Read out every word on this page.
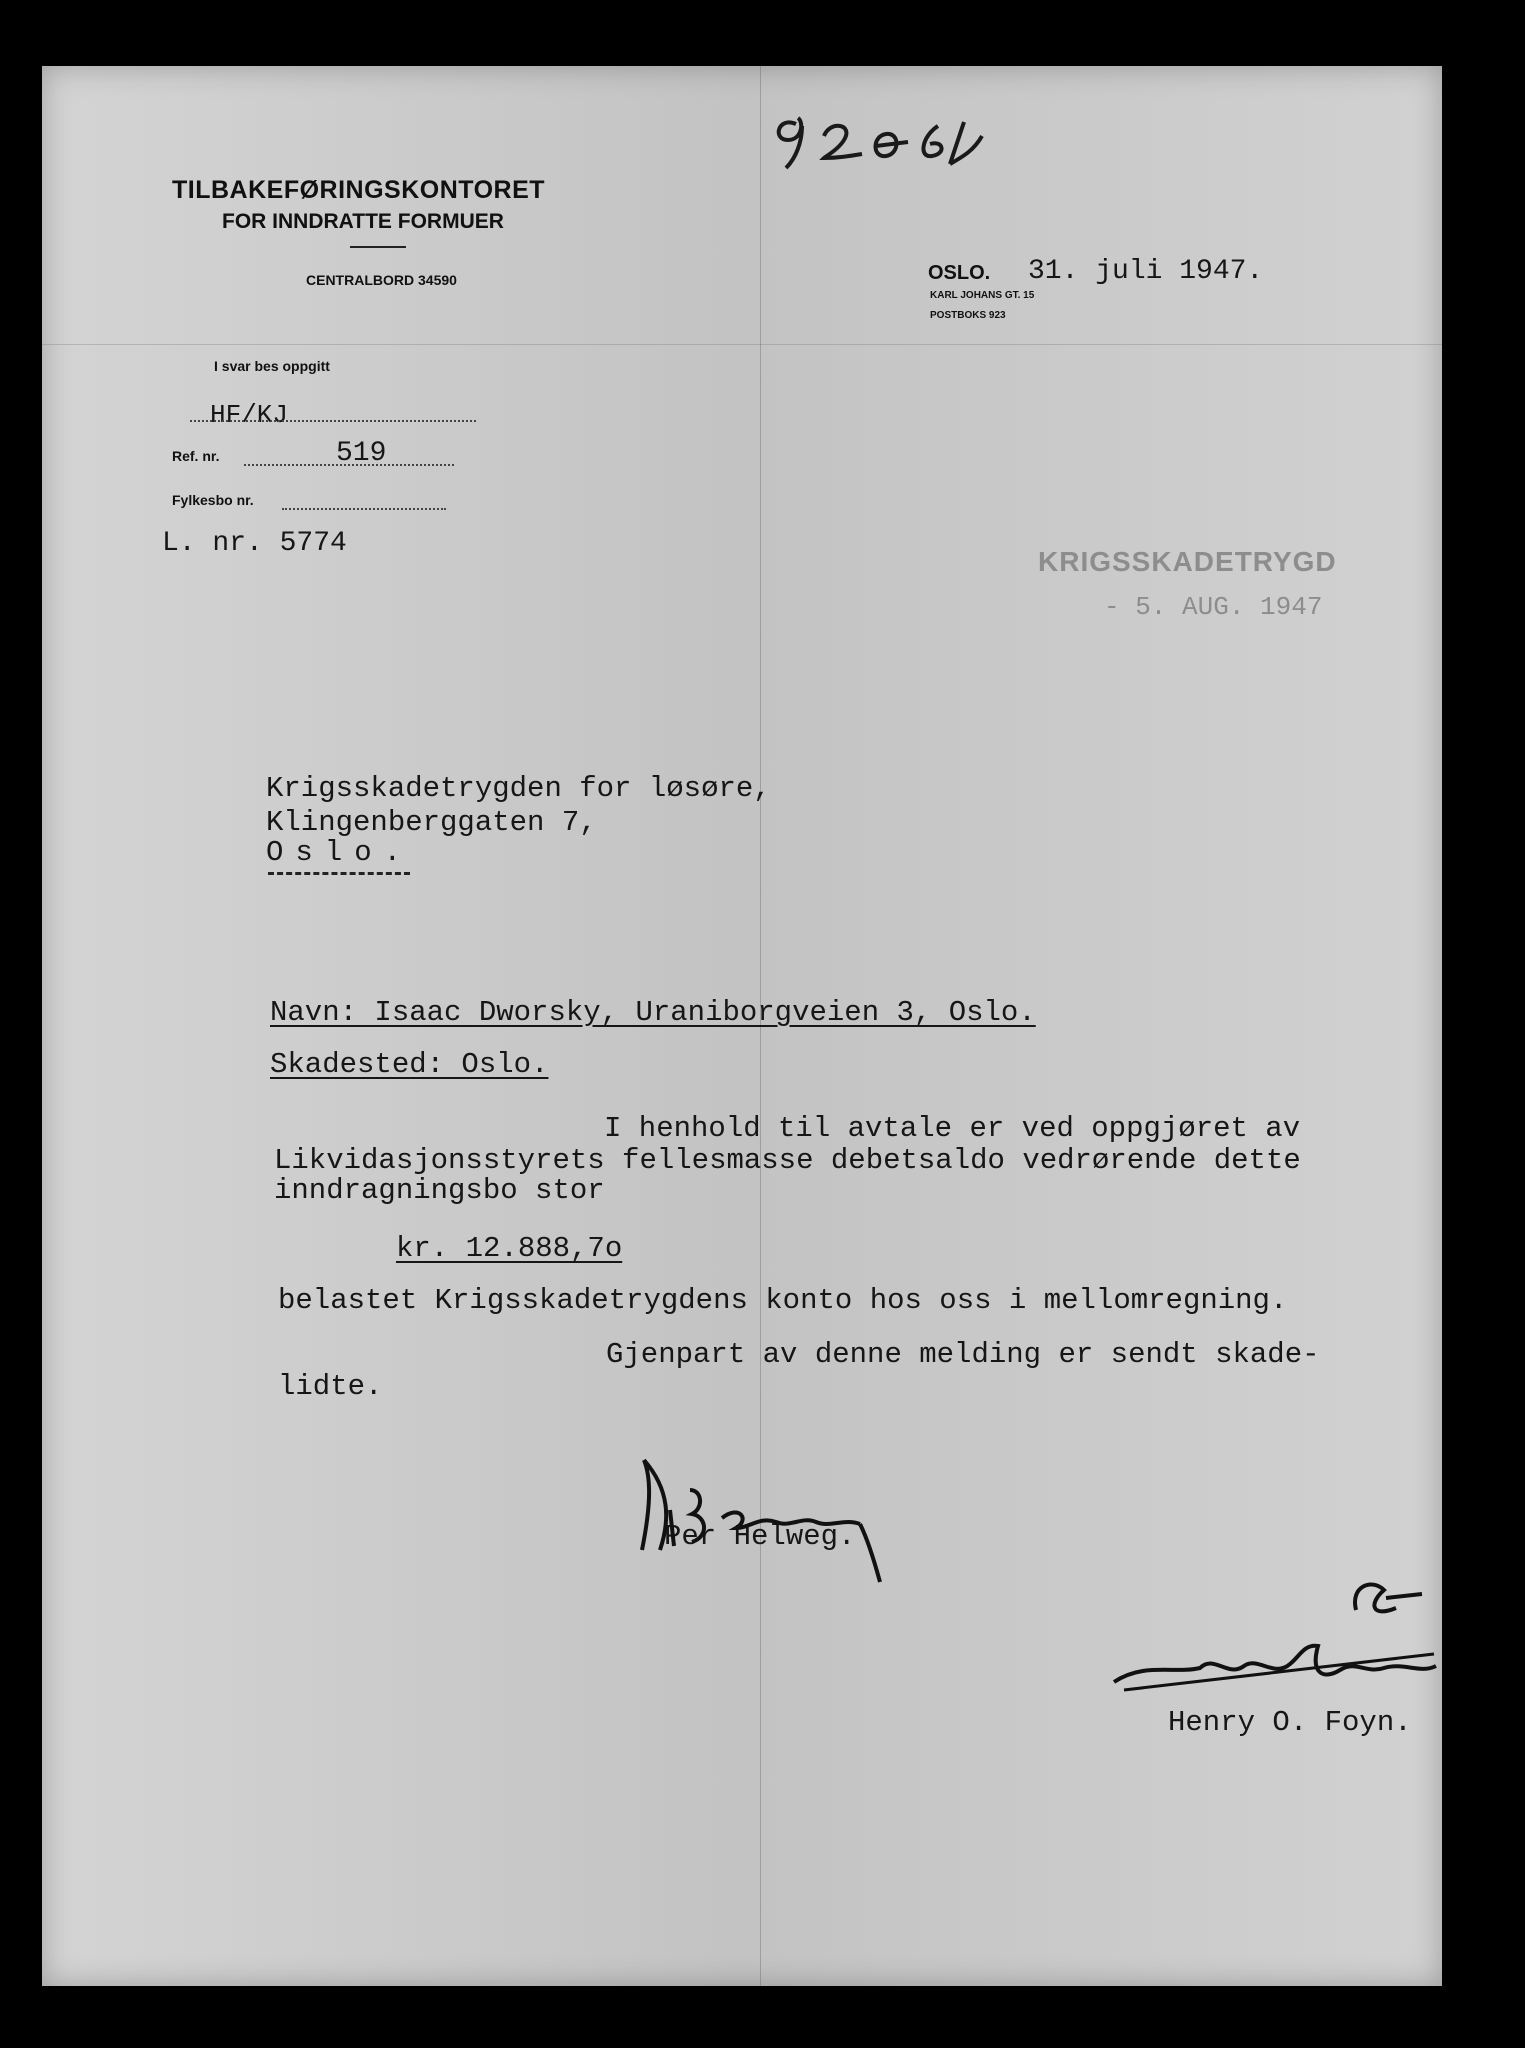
TILBAKEFØRINGSKONTORET
FOR INNDRATTE FORMUER
CENTRALBORD 34590	OSLO. 31. juli 1947.
KARL JOHANS GT. 15
POSTBOKS 923
I svar bes oppgitt
HF/KJ
Ref. nr.	519
Fylkesbo nr.
L. nr. 5774
KRIGSSKADETRYGD
- 5. AUG. 1947
Krigsskadetrygden for løsøre,
Klingenberggaten 7,
Oslo.
Navn: Isaac Dworsky, Uraniborgveien 3, Oslo.
Skadested: Oslo.
I henhold til avtale er ved oppgjøret av
Likvidasjonsstyrets fellesmasse debetsaldo vedrørende dette
inndragningsbo stor
kr. 12.888,7o
belastet Krigsskadetrygdens konto hos oss i mellomregning.
Gjenpart av denne melding er sendt skade-
lidte.
Per Helweg.
Henry O. Foyn.
